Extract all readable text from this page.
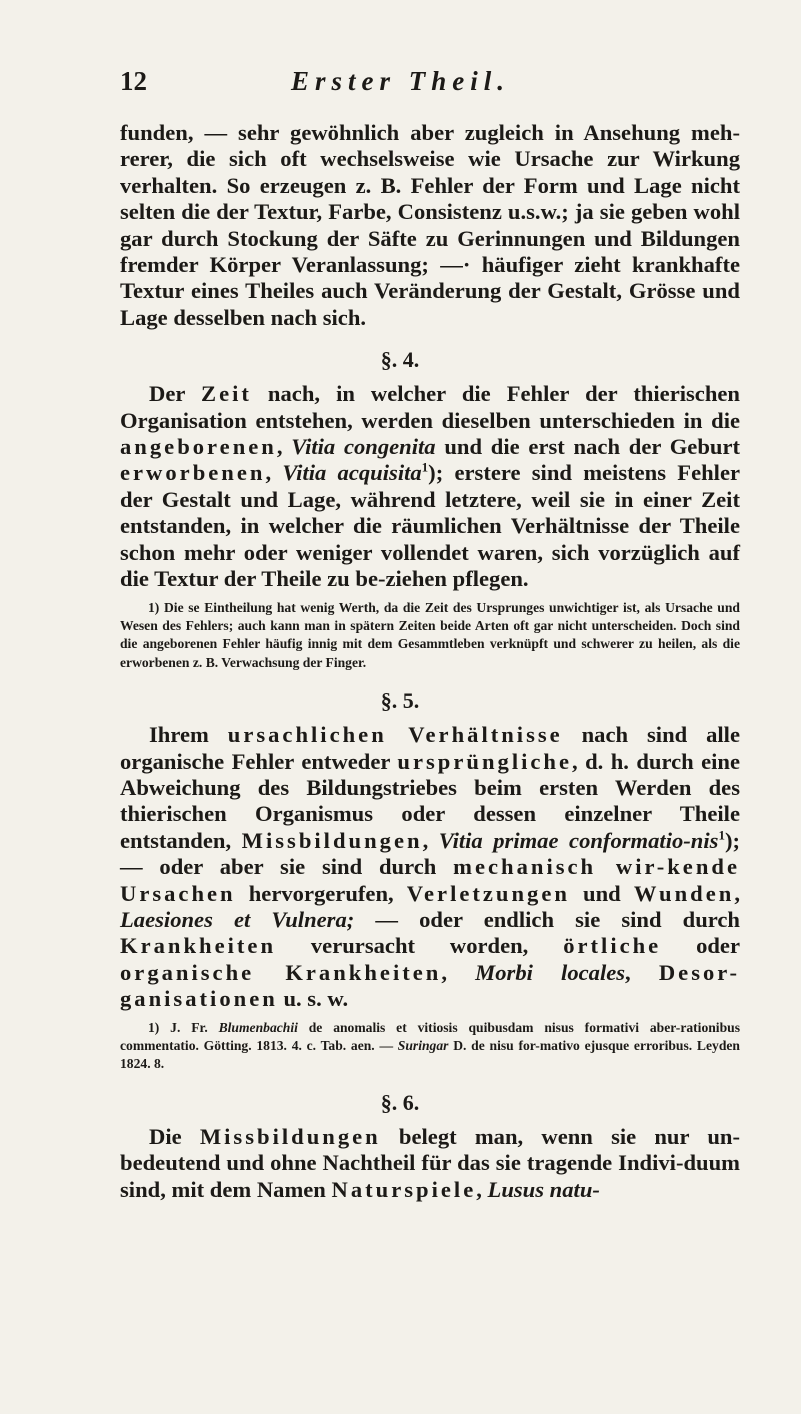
12	Erster Theil.

funden, — sehr gewöhnlich aber zugleich in Ansehung meh-rerer, die sich oft wechselsweise wie Ursache zur Wirkung verhalten. So erzeugen z. B. Fehler der Form und Lage nicht selten die der Textur, Farbe, Consistenz u.s.w.; ja sie geben wohl gar durch Stockung der Säfte zu Gerinnungen und Bildungen fremder Körper Veranlassung; —· häufiger zieht krankhafte Textur eines Theiles auch Veränderung der Gestalt, Grösse und Lage desselben nach sich.

§. 4.

Der Zeit nach, in welcher die Fehler der thierischen Organisation entstehen, werden dieselben unterschieden in die angeborenen, Vitia congenita und die erst nach der Geburt erworbenen, Vitia acquisita$^1$); erstere sind meistens Fehler der Gestalt und Lage, während letztere, weil sie in einer Zeit entstanden, in welcher die räumlichen Verhältnisse der Theile schon mehr oder weniger vollendet waren, sich vorzüglich auf die Textur der Theile zu be-ziehen pflegen.

1) Die se Eintheilung hat wenig Werth, da die Zeit des Ursprunges unwichtiger ist, als Ursache und Wesen des Fehlers; auch kann man in spätern Zeiten beide Arten oft gar nicht unterscheiden. Doch sind die angeborenen Fehler häufig innig mit dem Gesammtleben verknüpft und schwerer zu heilen, als die erworbenen z. B. Verwachsung der Finger.

§. 5.

Ihrem ursachlichen Verhältnisse nach sind alle organische Fehler entweder ursprüngliche, d. h. durch eine Abweichung des Bildungstriebes beim ersten Werden des thierischen Organismus oder dessen einzelner Theile entstanden, Missbildungen, Vitia primae conformatio-nis$^1$);— oder aber sie sind durch mechanisch wir-kende Ursachen hervorgerufen, Verletzungen und Wunden, Laesiones et Vulnera; — oder endlich sie sind durch Krankheiten verursacht worden, örtliche oder organische Krankheiten, Morbi locales, Desor-ganisationen u. s. w.

1) J. Fr. Blumenbachii de anomalis et vitiosis quibusdam nisus formativi aber-rationibus commentatio. Götting. 1813. 4. c. Tab. aen. — Suringar D. de nisu for-mativo ejusque erroribus. Leyden 1824. 8.

§. 6.

Die Missbildungen belegt man, wenn sie nur un-bedeutend und ohne Nachtheil für das sie tragende Indivi-duum sind, mit dem Namen Naturspiele, Lusus natu-
